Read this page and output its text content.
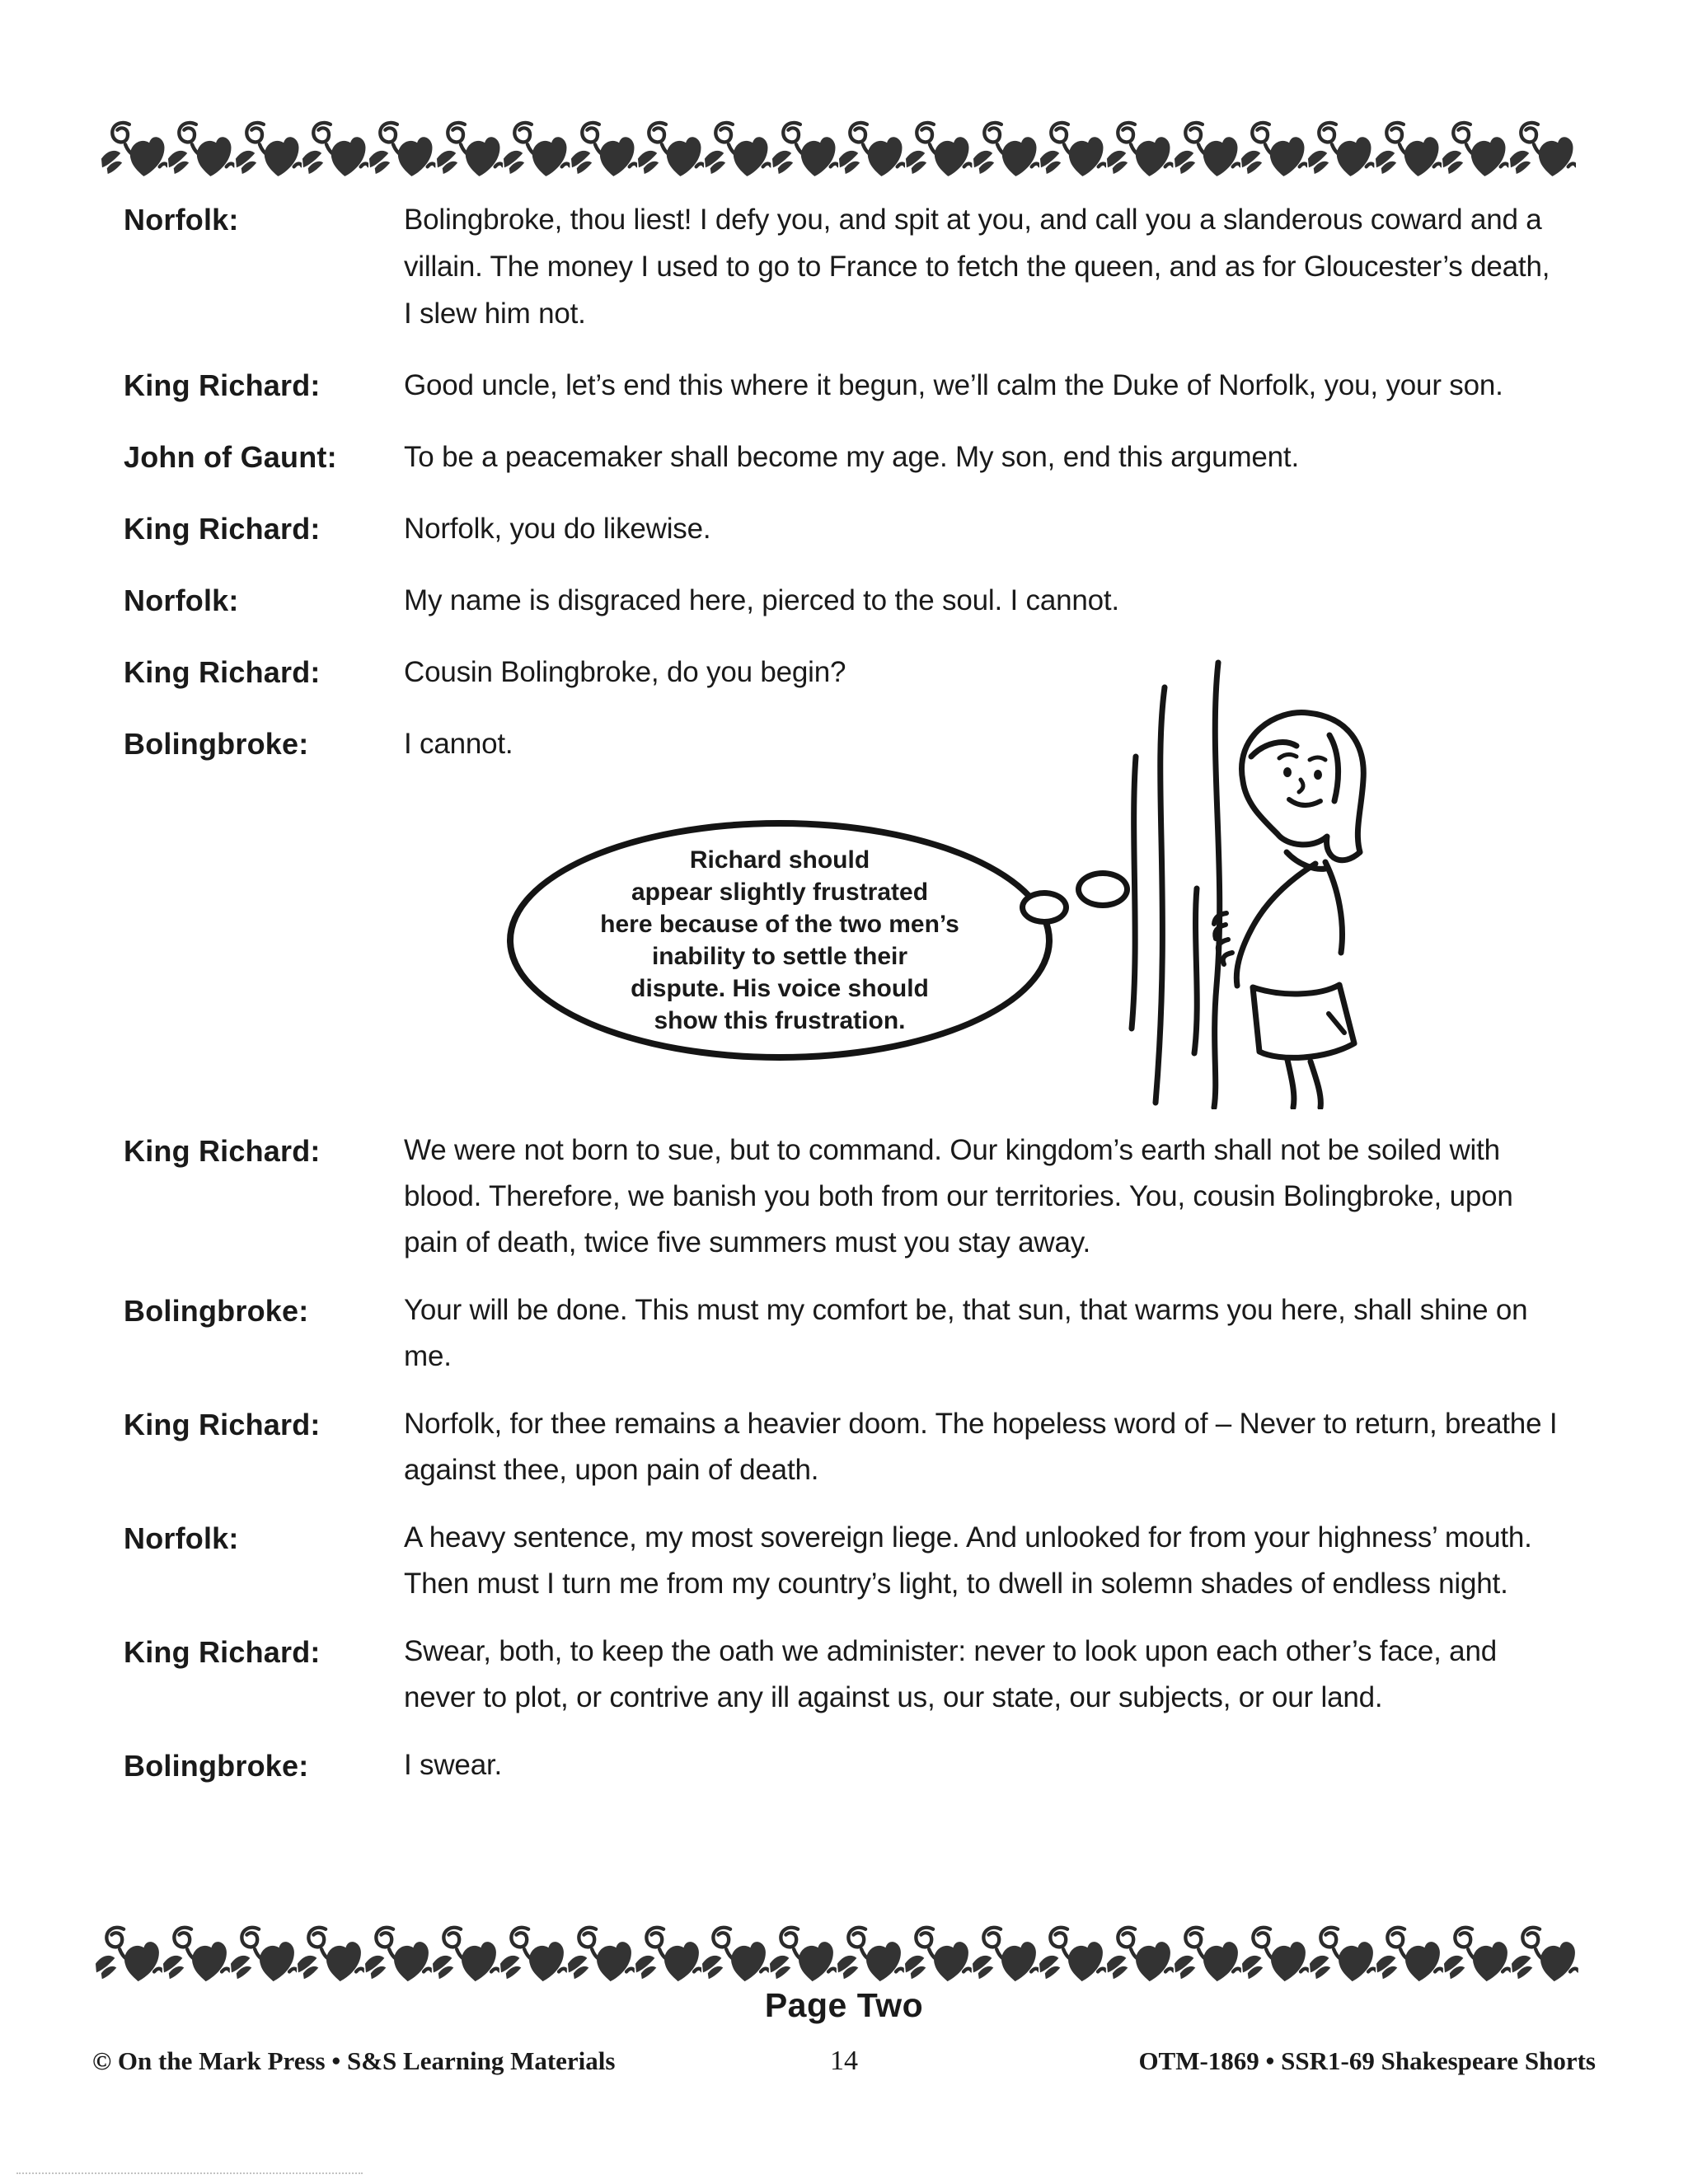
Norfolk:	Bolingbroke, thou liest! I defy you, and spit at you, and call you a slanderous coward and a villain. The money I used to go to France to fetch the queen, and as for Gloucester’s death, I slew him not.
King Richard:	Good uncle, let’s end this where it begun, we’ll calm the Duke of Norfolk, you, your son.
John of Gaunt:	To be a peacemaker shall become my age. My son, end this argument.
King Richard:	Norfolk, you do likewise.
Norfolk:	My name is disgraced here, pierced to the soul. I cannot.
King Richard:	Cousin Bolingbroke, do you begin?
Bolingbroke:	I cannot.
Richard should
appear slightly frustrated
here because of the two men’s
inability to settle their
dispute. His voice should
show this frustration.
King Richard:	We were not born to sue, but to command. Our kingdom’s earth shall not be soiled with blood. Therefore, we banish you both from our territories. You, cousin Bolingbroke, upon pain of death, twice five summers must you stay away.
Bolingbroke:	Your will be done. This must my comfort be, that sun, that warms you here, shall shine on me.
King Richard:	Norfolk, for thee remains a heavier doom. The hopeless word of – Never to return, breathe I against thee, upon pain of death.
Norfolk:	A heavy sentence, my most sovereign liege. And unlooked for from your highness’ mouth. Then must I turn me from my country’s light, to dwell in solemn shades of endless night.
King Richard:	Swear, both, to keep the oath we administer: never to look upon each other’s face, and never to plot, or contrive any ill against us, our state, our subjects, or our land.
Bolingbroke:	I swear.
Page Two
© On the Mark Press • S&S Learning Materials	14	OTM-1869 • SSR1-69 Shakespeare Shorts
